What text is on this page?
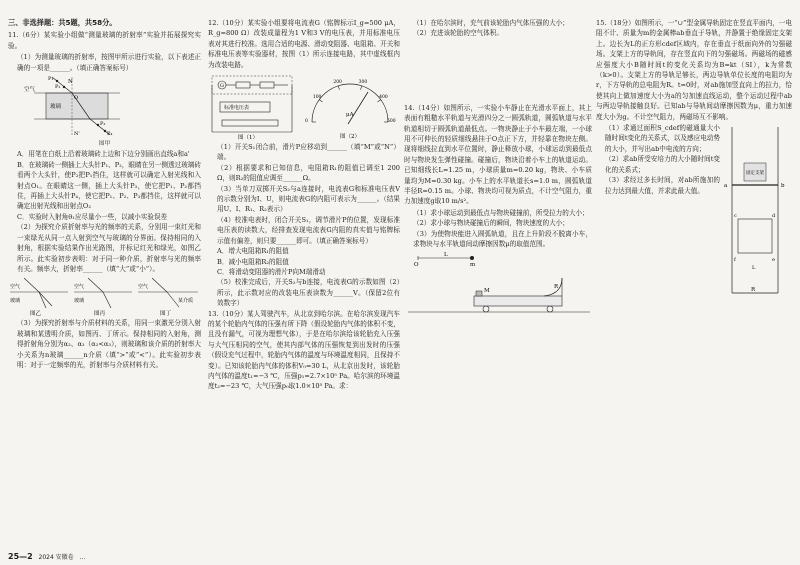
三、非选择题：共5题，共58分。
11.（6分）某实验小组做“测量玻璃的折射率”实验并拓展探究实验。
（1）为测量玻璃的折射率，按图甲所示进行实验，以下表述正确的一项是______。（填正确答案标号）
N
空气
玻璃
P₁
P₂
P₃
P₄
O
N'
图甲
A．用笔在白纸上沿着玻璃砖上边和下边分别画出直线a和a'
B．在玻璃砖一侧插上大头针P₁、P₂，眼睛在另一侧透过玻璃砖看两个大头针，使P₂把P₁挡住，这样就可以确定入射光线和入射点O₁。在眼睛这一侧，插上大头针P₃，使它把P₁、P₂都挡住，再插上大头针P₄，使它把P₁、P₂、P₃都挡住，这样就可以确定出射光线和出射点O₂
C．实验时入射角θ₁应尽量小一些，以减小实验误差
（2）为探究介质折射率与光的频率的关系，分别用一束红光和一束绿光从同一点入射到空气与玻璃的分界面。保持相同的入射角，根据实验结果作出光路图，并标记红光和绿光，如图乙所示。此实验初步表明：对于同一种介质，折射率与光的频率有关。频率大，折射率______（填“大”或“小”）。
空气
玻璃
图乙
空气
玻璃
图丙
空气
某介质
图丁
（3）为探究折射率与介质材料的关系，用同一束激光分别入射玻璃和某透明介质，如图丙、丁所示。保持相同的入射角，测得折射角分别为α₂、α₃（α₂<α₃），则玻璃和该介质的折射率大小关系为n玻璃______n介质（填“>”或“<”）。此实验初步表明：对于一定频率的光，折射率与介质材料有关。
12.（10分）某实验小组要将电流表G（铭牌标示I_g=500 μA，R_g=800 Ω）改装成量程为1 V和3 V的电压表，并用标准电压表对其进行校准。选用合适的电源、滑动变阻器、电阻箱、开关和标准电压表等实验器材，按图（1）所示连接电路，其中虚线框内为改装电路。
G
标准电压表
图（1）
μA
0
100
200	300
400
500
图（2）
（1）开关S₁闭合前，滑片P应移动到______（填“M”或“N”）端。
（2）根据要求和已知信息，电阻箱R₁的阻值已调至1 200 Ω，则R₂的阻值应调至______Ω。
（3）当单刀双掷开关S₂与a连接时，电流表G和标准电压表V的示数分别为I、U，则电流表G的内阻可表示为______。（结果用U、I、R₁、R₂表示）
（4）校准电表时，闭合开关S₁，调节滑片P的位置，发现标准电压表的读数大，经排查发现电流表G内阻的真实值与铭牌标示值有偏差，则只要______即可。（填正确答案标号）
A．增大电阻箱R₁的阻值
B．减小电阻箱R₂的阻值
C．将滑动变阻器的滑片P向M端滑动
（5）校准完成后，开关S₂与b连接，电流表G的示数如图（2）所示，此示数对应的改装电压表读数为______V。（保留2位有效数字）
13.（10分）某人驾驶汽车，从北京到哈尔滨。在哈尔滨发现汽车的某个轮胎内气体的压强有所下降（假设轮胎内气体的体积不变，且没有漏气，可视为理想气体），于是在哈尔滨给该轮胎充入压强与大气压相同的空气，使其内部气体的压强恢复到出发时的压强（假设充气过程中，轮胎内气体的温度与环境温度相同，且保持不变）。已知该轮胎内气体的体积V₀=30 L，从北京出发时，该轮胎内气体的温度t₁=−3 ℃，压强p₁=2.7×10⁵ Pa。哈尔滨的环境温度t₂=−23 ℃，大气压强p₀取1.0×10⁵ Pa。求：
（1）在哈尔滨时，充气前该轮胎内气体压强的大小；
（2）充进该轮胎的空气体积。
14.（14分）如图所示，一实验小车静止在光滑水平面上，其上表面有粗糙水平轨道与光滑四分之一圆弧轨道，圆弧轨道与水平轨道相切于圆弧轨道最低点。一物块静止于小车最左端，一小球用不可伸长的轻质细线悬挂于O点正下方，并轻靠在物块左侧。现将细线拉直到水平位置时，静止释放小球，小球运动到最低点时与物块发生弹性碰撞。碰撞后，物块沿着小车上的轨道运动。已知细线长L=1.25 m，小球质量m=0.20 kg，物块、小车质量均为M=0.30 kg。小车上的水平轨道长s=1.0 m，圆弧轨道半径R=0.15 m。小球、物块均可视为质点，不计空气阻力，重力加速度g取10 m/s²。
（1）求小球运动到最低点与物块碰撞前，所受拉力的大小；
（2）求小球与物块碰撞后的瞬间，物块速度的大小；
（3）为使物块能进入圆弧轨道，且在上升阶段不脱离小车，求物块与水平轨道间动摩擦因数μ的取值范围。
O	m
L
M
R
15.（18分）如图所示，一“∪”型金属导轨固定在竖直平面内，一电阻不计、质量为m的金属棒ab垂直于导轨，并静置于绝缘固定支架上。边长为L的正方形cdef区域内，存在垂直于纸面向外的匀强磁场。支架上方的导轨间，存在竖直向下的匀强磁场。两磁场的磁感应强度大小B随时间t的变化关系均为B=kt（SI），k为常数（k>0）。支架上方的导轨足够长，两边导轨单位长度的电阻均为r，下方导轨的总电阻为R。t=0时，对ab施加竖直向上的拉力，恰使其向上做加速度大小为a的匀加速直线运动，整个运动过程中ab与两边导轨接触良好。已知ab与导轨间动摩擦因数为μ，重力加速度大小为g。不计空气阻力，两磁场互不影响。
（1）求通过面积S_cdef的磁通量大小随时间t变化的关系式，以及感应电动势的大小，并写出ab中电流的方向；
（2）求ab所受安培力的大小随时间t变化的关系式；
（3）求经过多长时间，对ab所施加的拉力达到最大值，并求此最大值。
固定支架
a	b
c	d
e
f
L
R
25—2 2024 安徽卷 …
